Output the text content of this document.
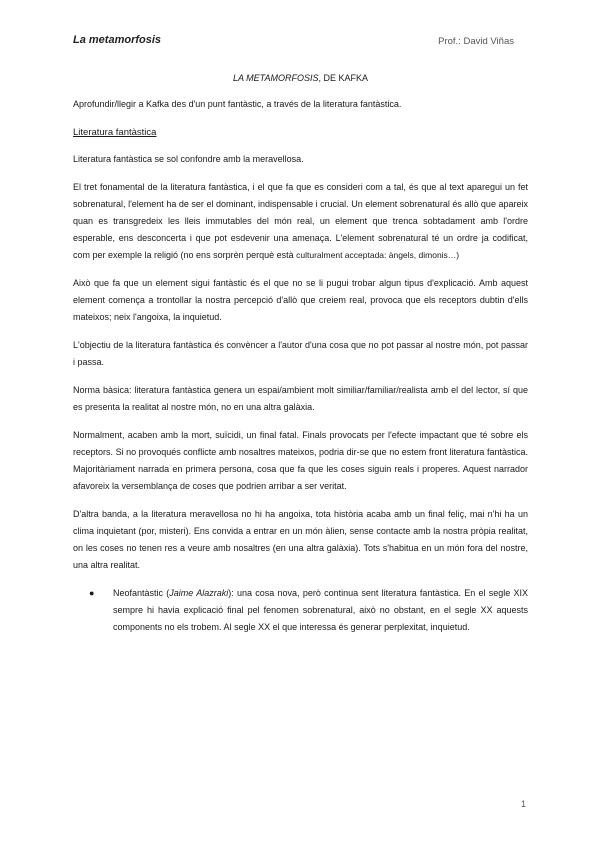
La metamorfosis	Prof.: David Viñas
LA METAMORFOSIS, DE KAFKA

Aprofundir/llegir a Kafka des d'un punt fantàstic, a través de la literatura fantàstica.

Literatura fantàstica

Literatura fantàstica se sol confondre amb la meravellosa.

El tret fonamental de la literatura fantàstica, i el que fa que es consideri com a tal, és que al text aparegui un fet sobrenatural, l'element ha de ser el dominant, indispensable i crucial. Un element sobrenatural és allò que apareix quan es transgredeix les lleis immutables del món real, un element que trenca sobtadament amb l'ordre esperable, ens desconcerta i que pot esdevenir una amenaça. L'element sobrenatural té un ordre ja codificat, com per exemple la religió (no ens sorprèn perquè està culturalment acceptada: àngels, dimonis…)

Això que fa que un element sigui fantàstic és el que no se li pugui trobar algun tipus d'explicació. Amb aquest element comença a trontollar la nostra percepció d'allò que creiem real, provoca que els receptors dubtin d'ells mateixos; neix l'angoixa, la inquietud.

L'objectiu de la literatura fantàstica és convèncer a l'autor d'una cosa que no pot passar al nostre món, pot passar i passa.

Norma bàsica: literatura fantàstica genera un espai/ambient molt similiar/familiar/realista amb el del lector, sí que es presenta la realitat al nostre món, no en una altra galàxia.

Normalment, acaben amb la mort, suïcidi, un final fatal. Finals provocats per l'efecte impactant que té sobre els receptors. Si no provoqués conflicte amb nosaltres mateixos, podria dir-se que no estem front literatura fantàstica. Majoritàriament narrada en primera persona, cosa que fa que les coses siguin reals i properes. Aquest narrador afavoreix la versemblança de coses que podrien arribar a ser veritat.

D'altra banda, a la literatura meravellosa no hi ha angoixa, tota història acaba amb un final feliç, mai n'hi ha un clima inquietant (por, misteri). Ens convida a entrar en un món àlien, sense contacte amb la nostra pròpia realitat, on les coses no tenen res a veure amb nosaltres (en una altra galàxia). Tots s'habitua en un món fora del nostre, una altra realitat.

● Neofantàstic (Jaime Alazraki): una cosa nova, però continua sent literatura fantàstica. En el segle XIX sempre hi havia explicació final pel fenomen sobrenatural, això no obstant, en el segle XX aquests components no els trobem. Al segle XX el que interessa és generar perplexitat, inquietud.
1
